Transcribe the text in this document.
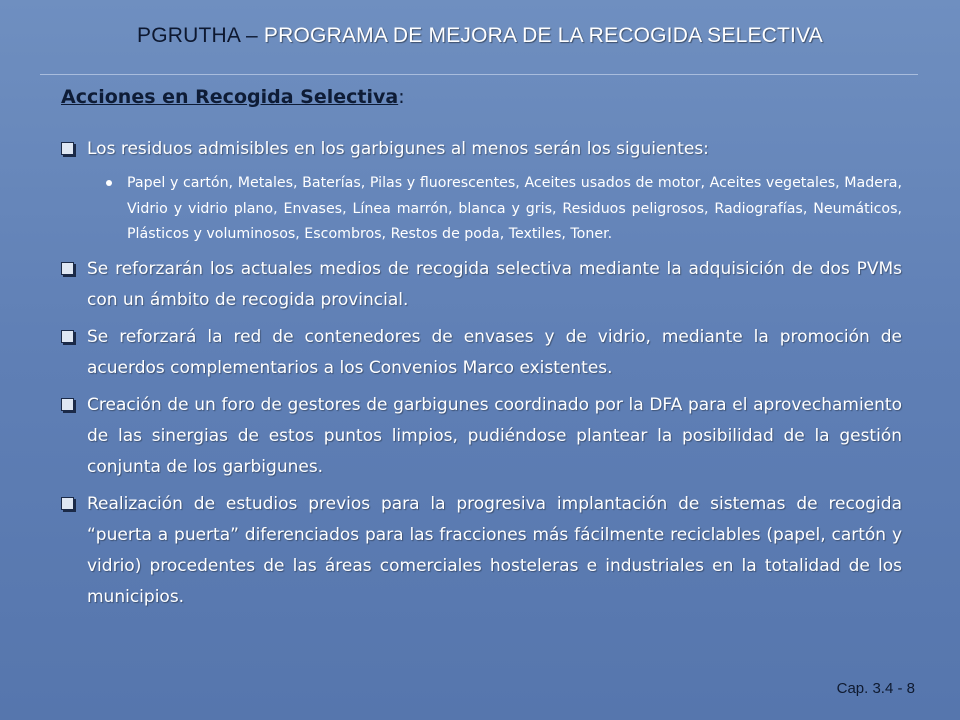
PGRUTHA – PROGRAMA DE MEJORA DE LA RECOGIDA SELECTIVA
Acciones en Recogida Selectiva:
Los residuos admisibles en los garbigunes al menos serán los siguientes:
Papel y cartón, Metales, Baterías, Pilas y fluorescentes, Aceites usados de motor, Aceites vegetales, Madera, Vidrio y vidrio plano, Envases, Línea marrón, blanca y gris, Residuos peligrosos, Radiografías, Neumáticos, Plásticos y voluminosos, Escombros, Restos de poda, Textiles, Toner.
Se reforzarán los actuales medios de recogida selectiva mediante la adquisición de dos PVMs con un ámbito de recogida provincial.
Se reforzará la red de contenedores de envases y de vidrio, mediante la promoción de acuerdos complementarios a los Convenios Marco existentes.
Creación de un foro de gestores de garbigunes coordinado por la DFA para el aprovechamiento de las sinergias de estos puntos limpios, pudiéndose plantear la posibilidad de la gestión conjunta de los garbigunes.
Realización de estudios previos para la progresiva implantación de sistemas de recogida “puerta a puerta” diferenciados para las fracciones más fácilmente reciclables (papel, cartón y vidrio) procedentes de las áreas comerciales hosteleras e industriales en la totalidad de los municipios.
Cap. 3.4 - 8
